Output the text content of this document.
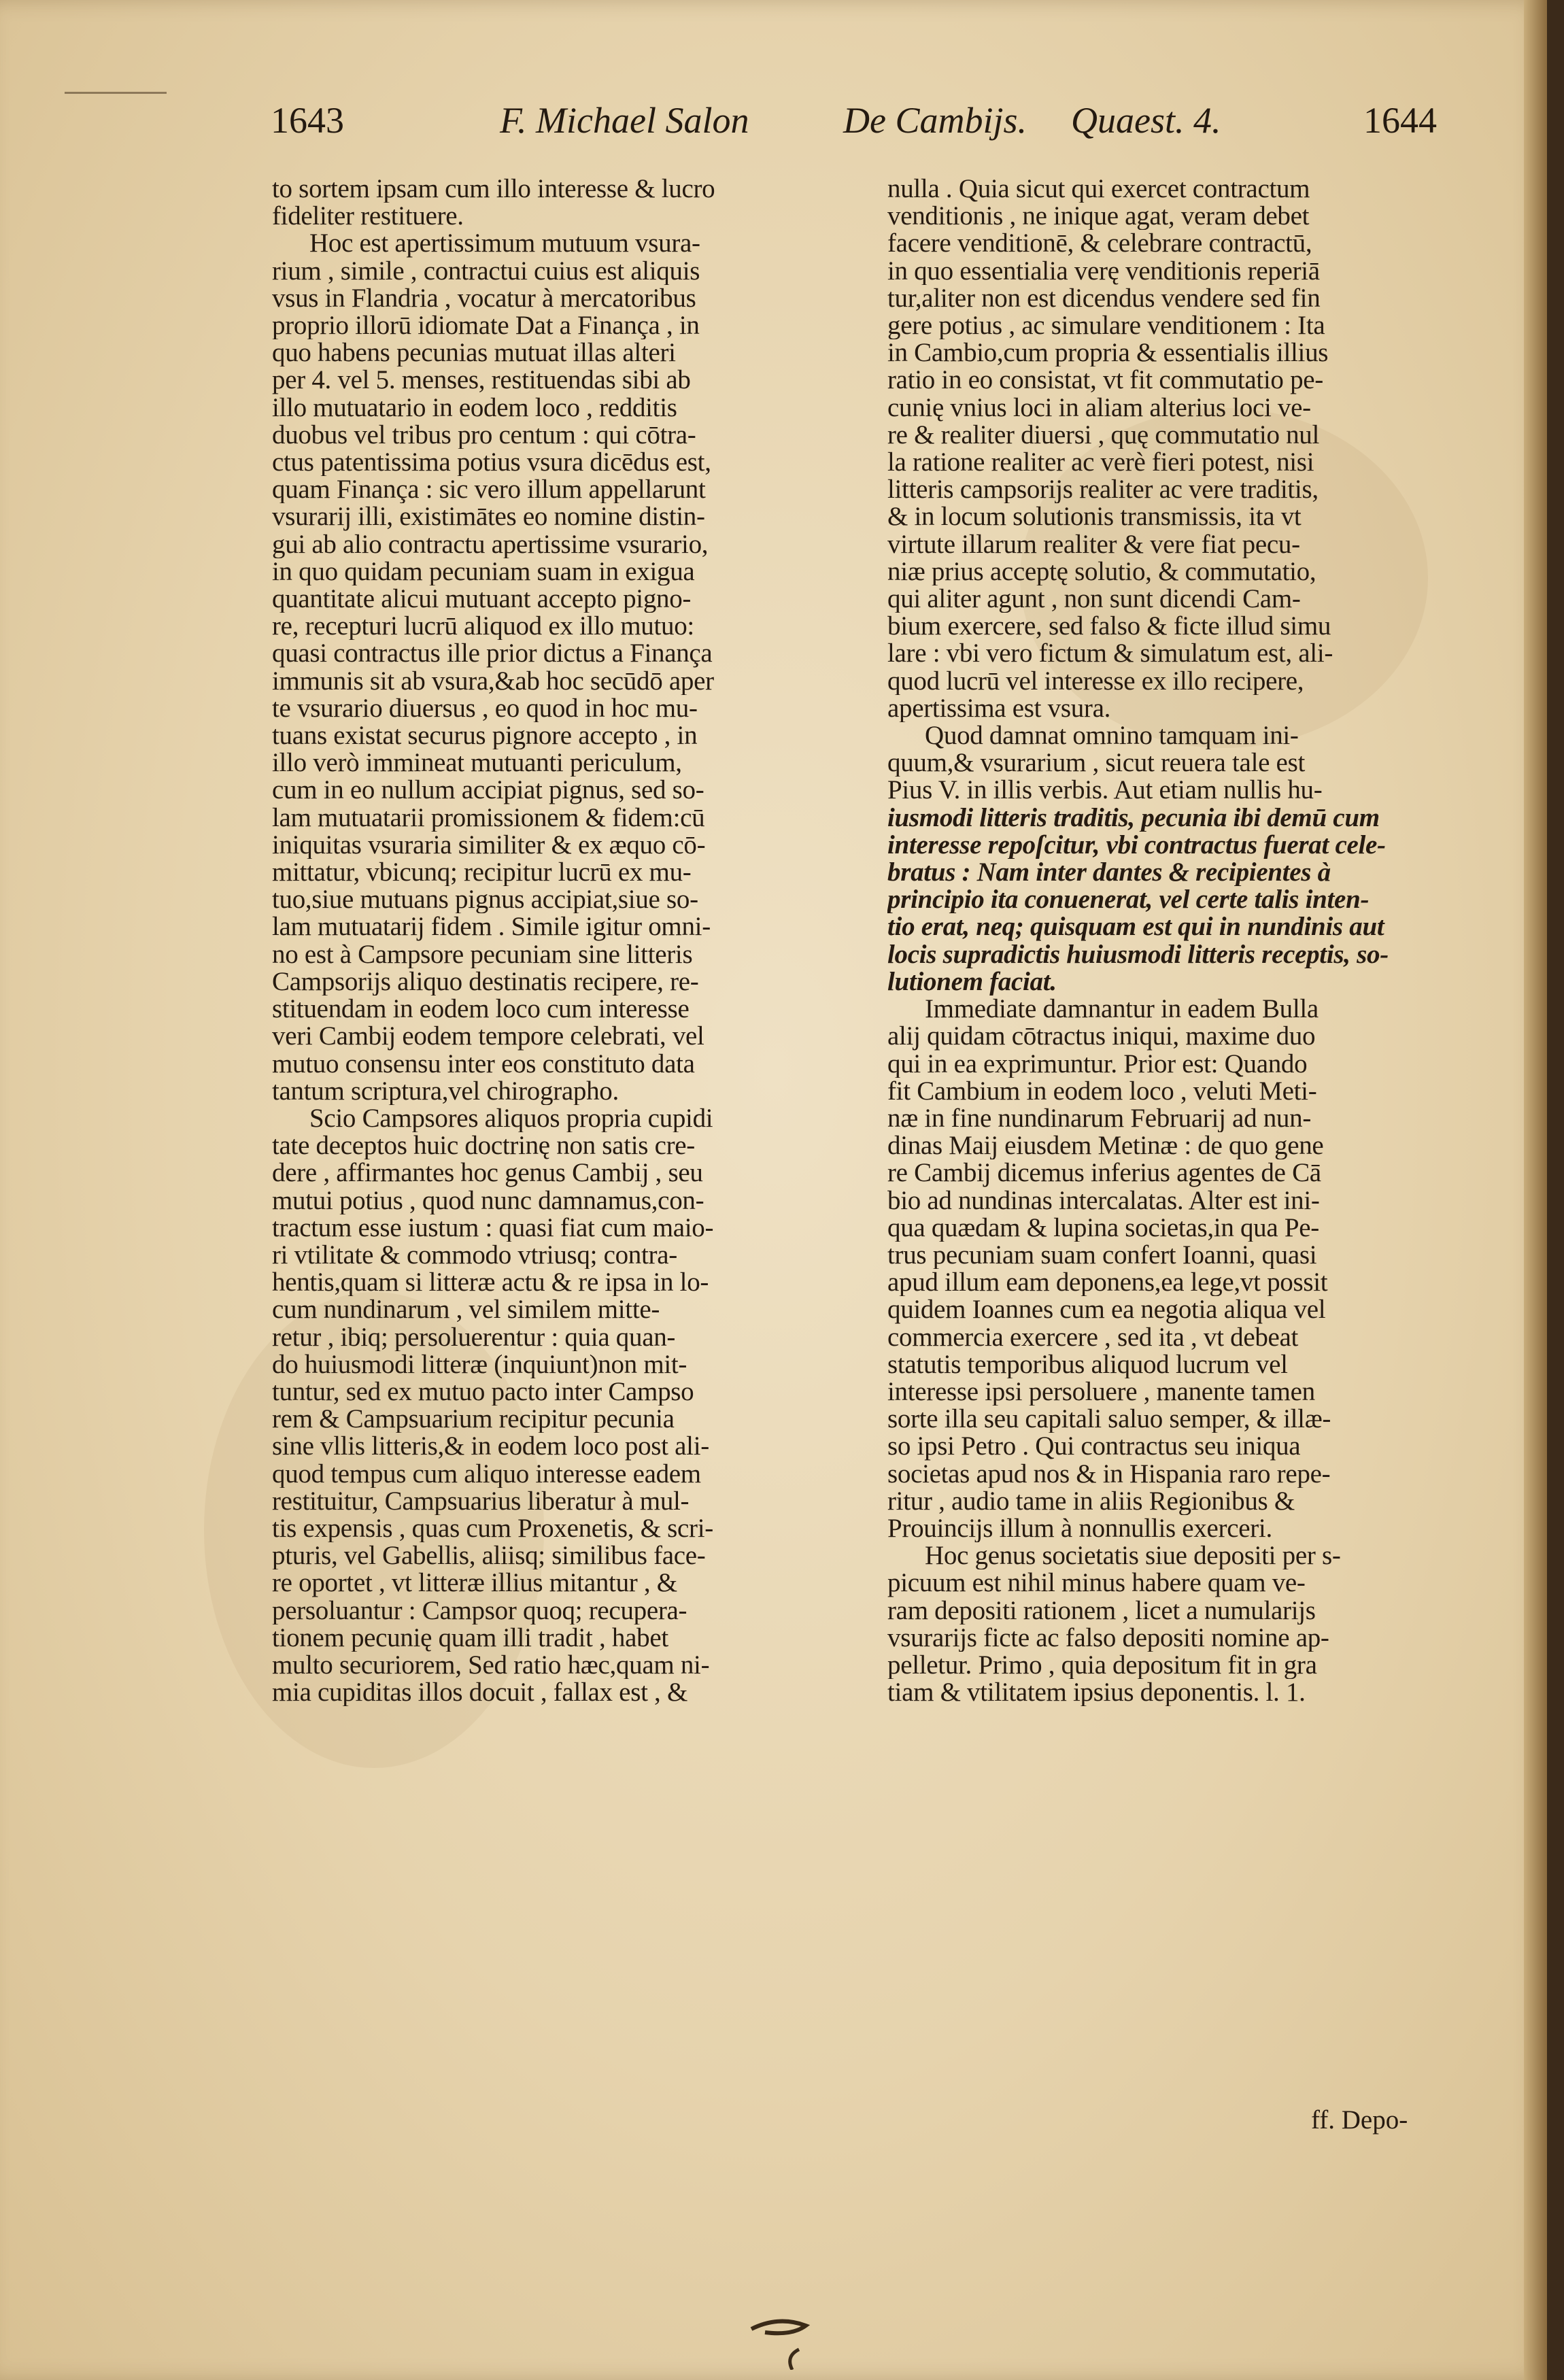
1643	F. Michael Salon	De Cambijs. Quaest. 4.	1644
to sortem ipsam cum illo interesse & lucro
fideliter restituere.
Hoc est apertissimum mutuum vsura-
rium , simile , contractui cuius est aliquis
vsus in Flandria , vocatur à mercatoribus
proprio illorū idiomate Dat a Finança , in
quo habens pecunias mutuat illas alteri
per 4. vel 5. menses, restituendas sibi ab
illo mutuatario in eodem loco , redditis
duobus vel tribus pro centum : qui cōtra-
ctus patentissima potius vsura dicēdus est,
quam Finança : sic vero illum appellarunt
vsurarij illi, existimātes eo nomine distin-
gui ab alio contractu apertissime vsurario,
in quo quidam pecuniam suam in exigua
quantitate alicui mutuant accepto pigno-
re, recepturi lucrū aliquod ex illo mutuo:
quasi contractus ille prior dictus a Finança
immunis sit ab vsura,&ab hoc secūdō aper
te vsurario diuersus , eo quod in hoc mu-
tuans existat securus pignore accepto , in
illo verò immineat mutuanti periculum,
cum in eo nullum accipiat pignus, sed so-
lam mutuatarii promissionem & fidem:cū
iniquitas vsuraria similiter & ex æquo cō-
mittatur, vbicunq; recipitur lucrū ex mu-
tuo,siue mutuans pignus accipiat,siue so-
lam mutuatarij fidem . Simile igitur omni-
no est à Campsore pecuniam sine litteris
Campsorijs aliquo destinatis recipere, re-
stituendam in eodem loco cum interesse
veri Cambij eodem tempore celebrati, vel
mutuo consensu inter eos constituto data
tantum scriptura,vel chirographo.
Scio Campsores aliquos propria cupidi
tate deceptos huic doctrinę non satis cre-
dere , affirmantes hoc genus Cambij , seu
mutui potius , quod nunc damnamus,con-
tractum esse iustum : quasi fiat cum maio-
ri vtilitate & commodo vtriusq; contra-
hentis,quam si litteræ actu & re ipsa in lo-
cum nundinarum , vel similem mitte-
retur , ibiq; persoluerentur : quia quan-
do huiusmodi litteræ (inquiunt)non mit-
tuntur, sed ex mutuo pacto inter Campso
rem & Campsuarium recipitur pecunia
sine vllis litteris,& in eodem loco post ali-
quod tempus cum aliquo interesse eadem
restituitur, Campsuarius liberatur à mul-
tis expensis , quas cum Proxenetis, & scri-
pturis, vel Gabellis, aliisq; similibus face-
re oportet , vt litteræ illius mitantur , &
persoluantur : Campsor quoq; recupera-
tionem pecunię quam illi tradit , habet
multo securiorem, Sed ratio hæc,quam ni-
mia cupiditas illos docuit , fallax est , &
nulla . Quia sicut qui exercet contractum
venditionis , ne inique agat, veram debet
facere venditionē, & celebrare contractū,
in quo essentialia verę venditionis reperiā
tur,aliter non est dicendus vendere sed fin
gere potius , ac simulare venditionem : Ita
in Cambio,cum propria & essentialis illius
ratio in eo consistat, vt fit commutatio pe-
cunię vnius loci in aliam alterius loci ve-
re & realiter diuersi , quę commutatio nul
la ratione realiter ac verè fieri potest, nisi
litteris campsorijs realiter ac vere traditis,
& in locum solutionis transmissis, ita vt
virtute illarum realiter & vere fiat pecu-
niæ prius acceptę solutio, & commutatio,
qui aliter agunt , non sunt dicendi Cam-
bium exercere, sed falso & ficte illud simu
lare : vbi vero fictum & simulatum est, ali-
quod lucrū vel interesse ex illo recipere,
apertissima est vsura.
Quod damnat omnino tamquam ini-
quum,& vsurarium , sicut reuera tale est
Pius V. in illis verbis. Aut etiam nullis hu-
iusmodi litteris traditis, pecunia ibi demū cum
interesse repoſcitur, vbi contractus fuerat cele-
bratus : Nam inter dantes & recipientes à
principio ita conuenerat, vel certe talis inten-
tio erat, neq; quisquam est qui in nundinis aut
locis supradictis huiusmodi litteris receptis, so-
lutionem faciat.
Immediate damnantur in eadem Bulla
alij quidam cōtractus iniqui, maxime duo
qui in ea exprimuntur. Prior est: Quando
fit Cambium in eodem loco , veluti Meti-
næ in fine nundinarum Februarij ad nun-
dinas Maij eiusdem Metinæ : de quo gene
re Cambij dicemus inferius agentes de Cā
bio ad nundinas intercalatas. Alter est ini-
qua quædam & lupina societas,in qua Pe-
trus pecuniam suam confert Ioanni, quasi
apud illum eam deponens,ea lege,vt possit
quidem Ioannes cum ea negotia aliqua vel
commercia exercere , sed ita , vt debeat
statutis temporibus aliquod lucrum vel
interesse ipsi persoluere , manente tamen
sorte illa seu capitali saluo semper, & illæ-
so ipsi Petro . Qui contractus seu iniqua
societas apud nos & in Hispania raro repe-
ritur , audio tame in aliis Regionibus &
Prouincijs illum à nonnullis exerceri.
Hoc genus societatis siue depositi per s-
picuum est nihil minus habere quam ve-
ram depositi rationem , licet a numularijs
vsurarijs ficte ac falso depositi nomine ap-
pelletur. Primo , quia depositum fit in gra
tiam & vtilitatem ipsius deponentis. l. 1.
ff. Depo-
